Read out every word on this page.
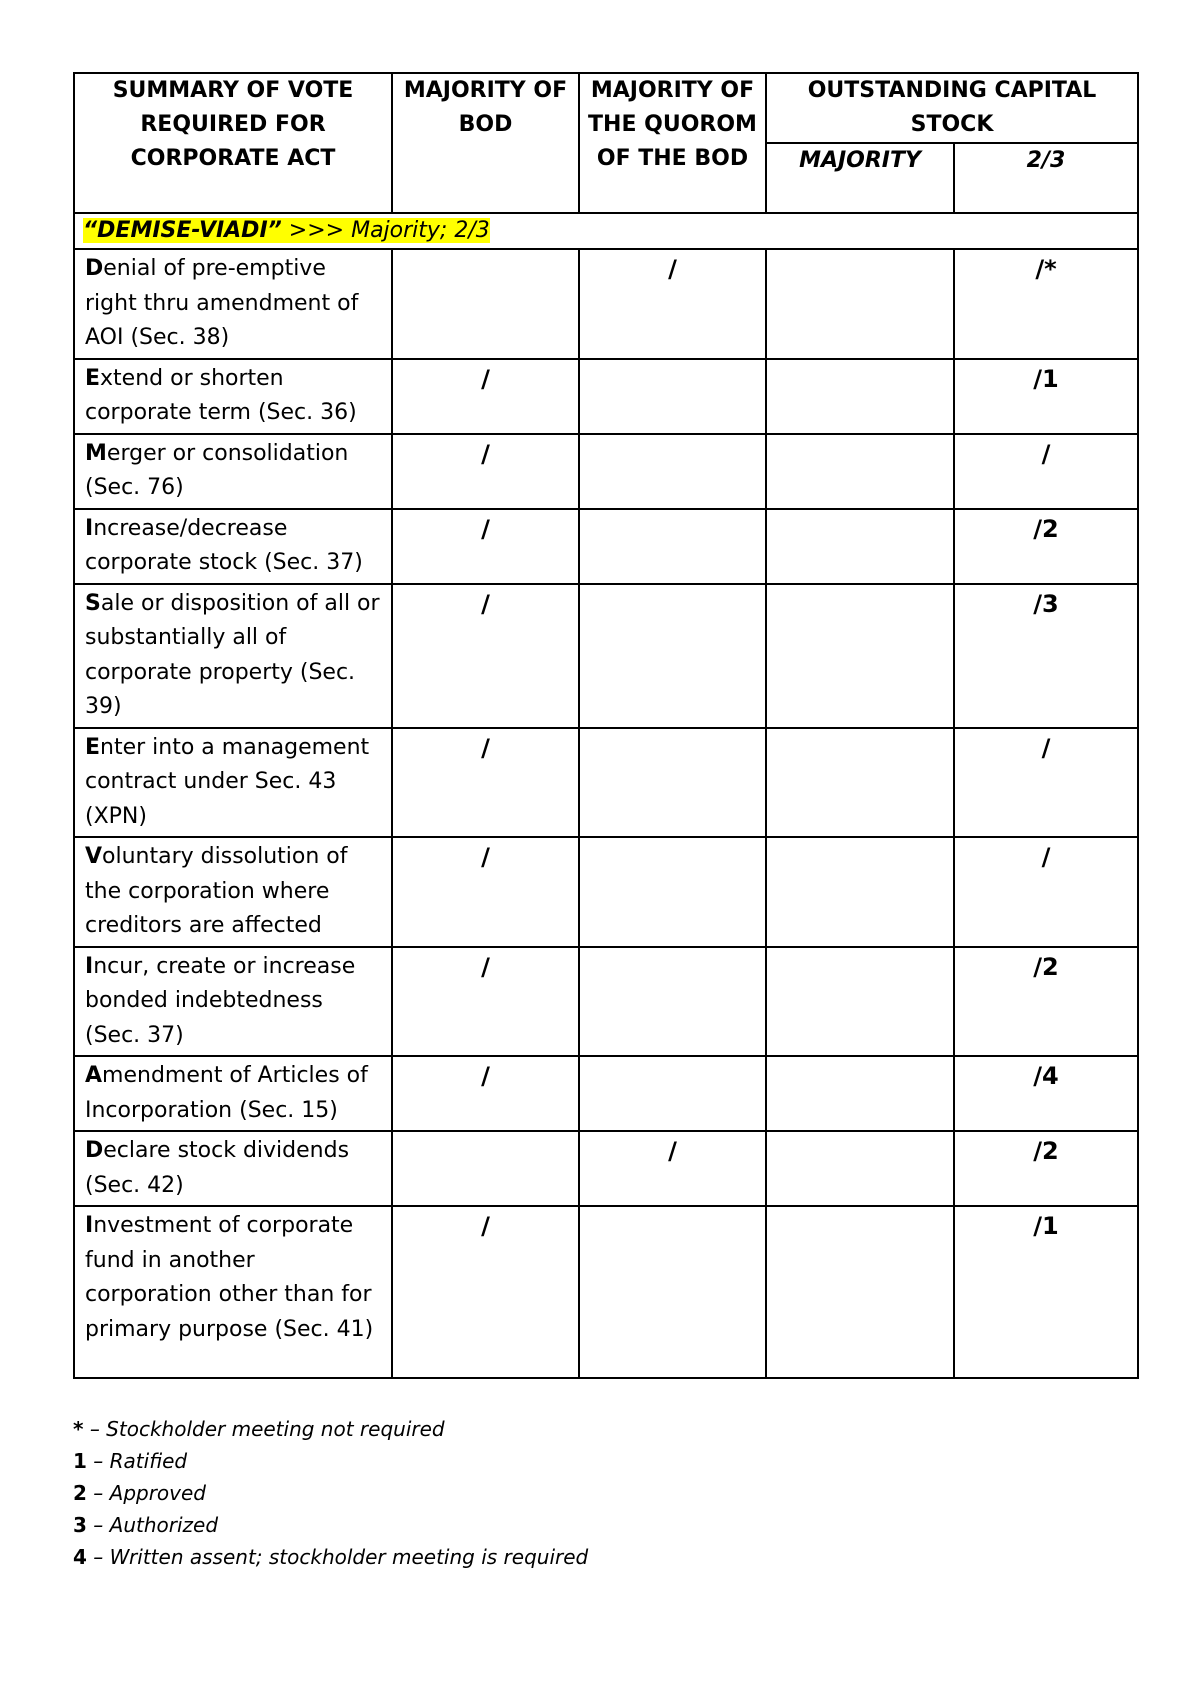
SUMMARY OF VOTE REQUIRED FOR CORPORATE ACT	MAJORITY OF BOD	MAJORITY OF THE QUOROM OF THE BOD	OUTSTANDING CAPITAL STOCK	
			MAJORITY	2/3
“DEMISE-VIADI” >>> Majority; 2/3				
Denial of pre-emptive right thru amendment of AOI (Sec. 38)		/		/*
Extend or shorten corporate term (Sec. 36)	/			/1
Merger or consolidation (Sec. 76)	/			/
Increase/decrease corporate stock (Sec. 37)	/			/2
Sale or disposition of all or substantially all of corporate property (Sec. 39)	/			/3
Enter into a management contract under Sec. 43 (XPN)	/			/
Voluntary dissolution of the corporation where creditors are affected	/			/
Incur, create or increase bonded indebtedness (Sec. 37)	/			/2
Amendment of Articles of Incorporation (Sec. 15)	/			/4
Declare stock dividends (Sec. 42)		/		/2
Investment of corporate fund in another corporation other than for primary purpose (Sec. 41)	/			/1
* – Stockholder meeting not required
1 – Ratified
2 – Approved
3 – Authorized
4 – Written assent; stockholder meeting is required
